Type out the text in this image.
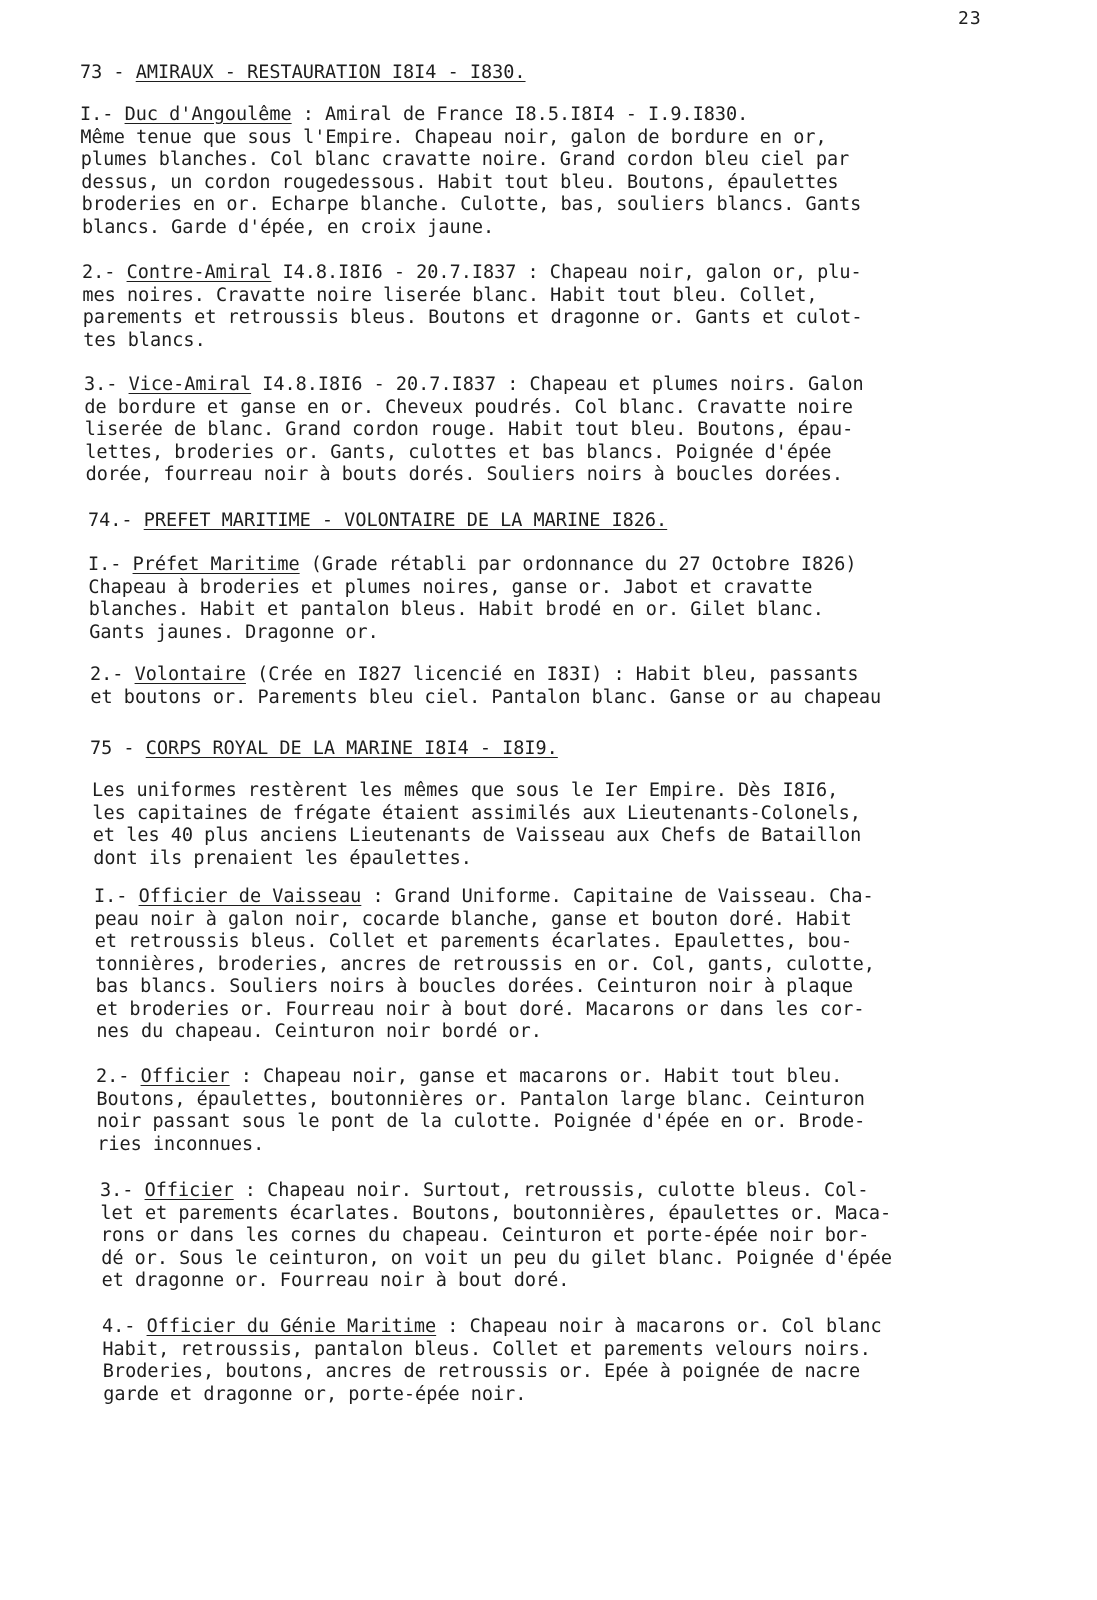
23
73 - AMIRAUX - RESTAURATION I8I4 - I830.
I.- Duc d'Angoulême : Amiral de France I8.5.I8I4 - I.9.I830.
Même tenue que sous l'Empire. Chapeau noir, galon de bordure en or,
plumes blanches. Col blanc cravatte noire. Grand cordon bleu ciel par
dessus, un cordon rougedessous. Habit tout bleu. Boutons, épaulettes
broderies en or. Echarpe blanche. Culotte, bas, souliers blancs. Gants
blancs. Garde d'épée, en croix jaune.
2.- Contre-Amiral I4.8.I8I6 - 20.7.I837 : Chapeau noir, galon or, plu-
mes noires. Cravatte noire liserée blanc. Habit tout bleu. Collet,
parements et retroussis bleus. Boutons et dragonne or. Gants et culot-
tes blancs.
3.- Vice-Amiral I4.8.I8I6 - 20.7.I837 : Chapeau et plumes noirs. Galon
de bordure et ganse en or. Cheveux poudrés. Col blanc. Cravatte noire
liserée de blanc. Grand cordon rouge. Habit tout bleu. Boutons, épau-
lettes, broderies or. Gants, culottes et bas blancs. Poignée d'épée
dorée, fourreau noir à bouts dorés. Souliers noirs à boucles dorées.
74.- PREFET MARITIME - VOLONTAIRE DE LA MARINE I826.
I.- Préfet Maritime (Grade rétabli par ordonnance du 27 Octobre I826)
Chapeau à broderies et plumes noires, ganse or. Jabot et cravatte
blanches. Habit et pantalon bleus. Habit brodé en or. Gilet blanc.
Gants jaunes. Dragonne or.
2.- Volontaire (Crée en I827 licencié en I83I) : Habit bleu, passants
et boutons or. Parements bleu ciel. Pantalon blanc. Ganse or au chapeau
75 - CORPS ROYAL DE LA MARINE I8I4 - I8I9.
Les uniformes restèrent les mêmes que sous le Ier Empire. Dès I8I6,
les capitaines de frégate étaient assimilés aux Lieutenants-Colonels,
et les 40 plus anciens Lieutenants de Vaisseau aux Chefs de Bataillon
dont ils prenaient les épaulettes.
I.- Officier de Vaisseau : Grand Uniforme. Capitaine de Vaisseau. Cha-
peau noir à galon noir, cocarde blanche, ganse et bouton doré. Habit
et retroussis bleus. Collet et parements écarlates. Epaulettes, bou-
tonnières, broderies, ancres de retroussis en or. Col, gants, culotte,
bas blancs. Souliers noirs à boucles dorées. Ceinturon noir à plaque
et broderies or. Fourreau noir à bout doré. Macarons or dans les cor-
nes du chapeau. Ceinturon noir bordé or.
2.- Officier : Chapeau noir, ganse et macarons or. Habit tout bleu.
Boutons, épaulettes, boutonnières or. Pantalon large blanc. Ceinturon
noir passant sous le pont de la culotte. Poignée d'épée en or. Brode-
ries inconnues.
3.- Officier : Chapeau noir. Surtout, retroussis, culotte bleus. Col-
let et parements écarlates. Boutons, boutonnières, épaulettes or. Maca-
rons or dans les cornes du chapeau. Ceinturon et porte-épée noir bor-
dé or. Sous le ceinturon, on voit un peu du gilet blanc. Poignée d'épée
et dragonne or. Fourreau noir à bout doré.
4.- Officier du Génie Maritime : Chapeau noir à macarons or. Col blanc
Habit, retroussis, pantalon bleus. Collet et parements velours noirs.
Broderies, boutons, ancres de retroussis or. Epée à poignée de nacre
garde et dragonne or, porte-épée noir.
